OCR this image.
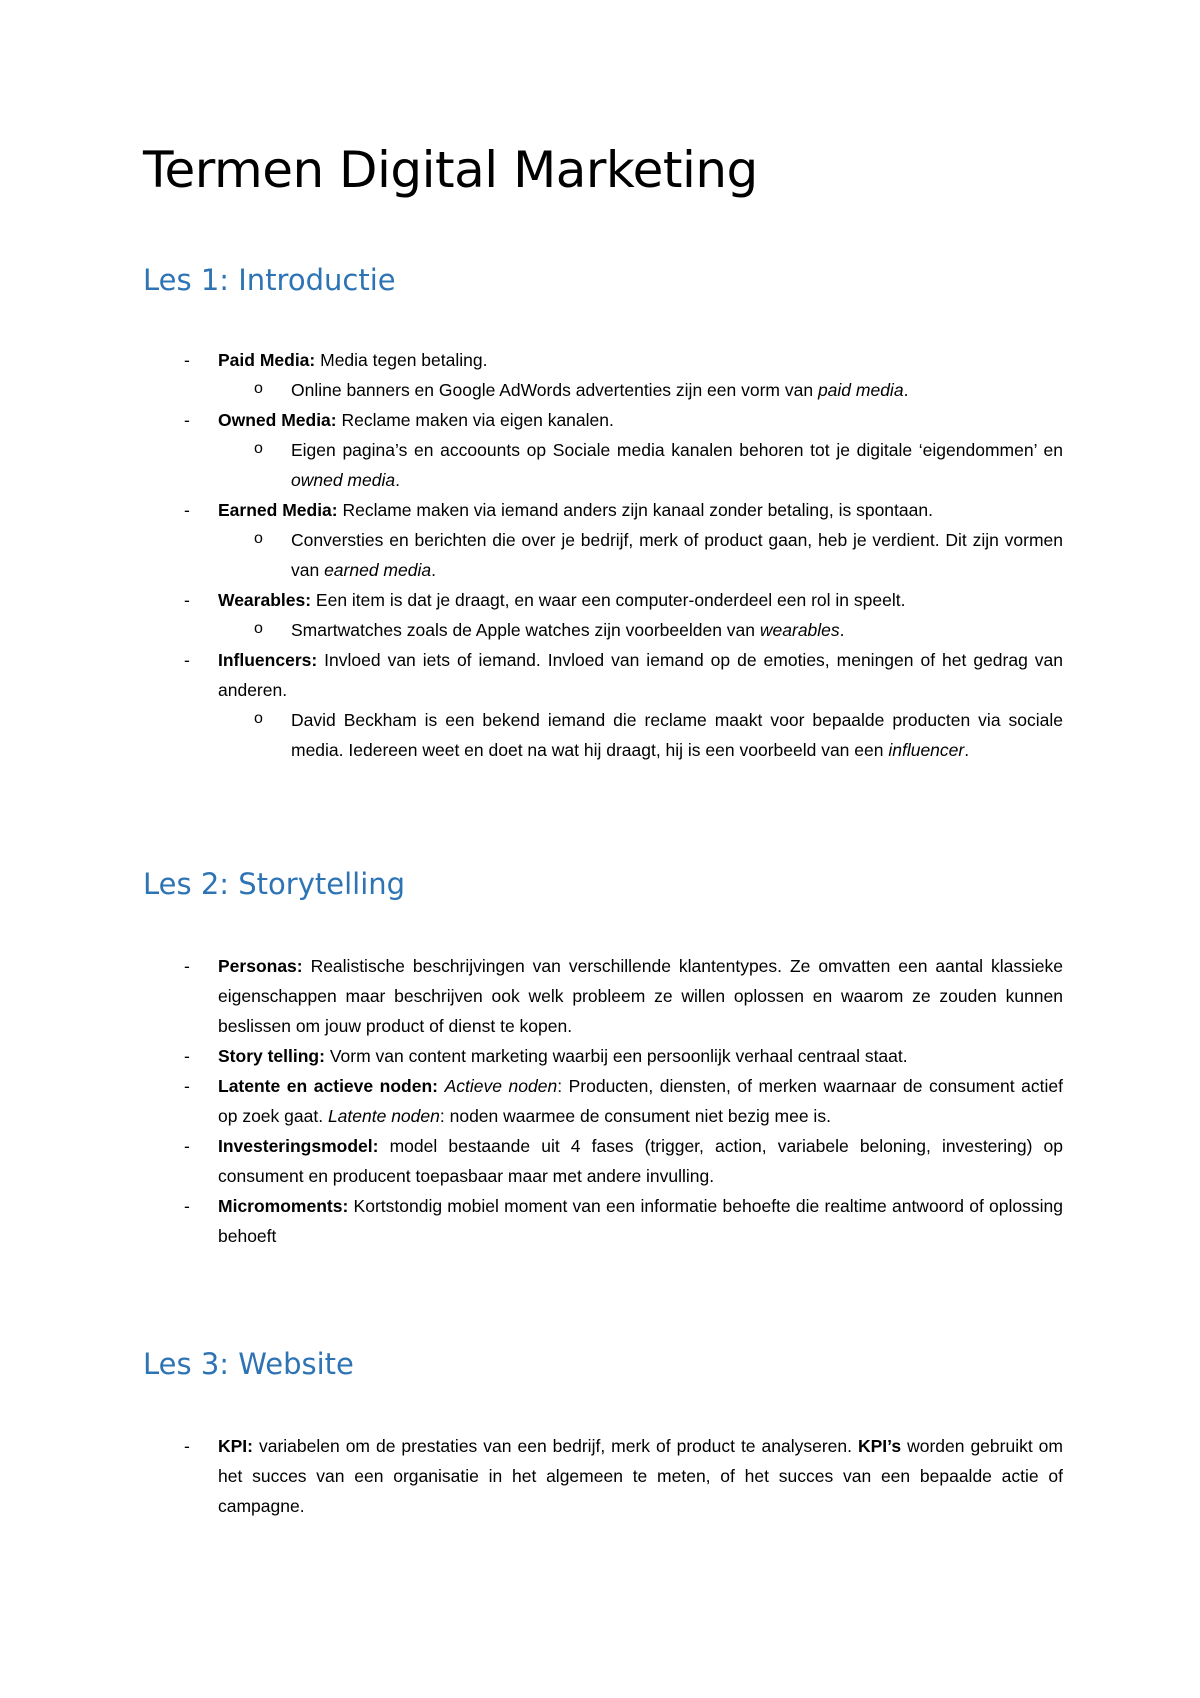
Termen Digital Marketing
Les 1: Introductie
- Paid Media: Media tegen betaling.
o Online banners en Google AdWords advertenties zijn een vorm van paid media.
- Owned Media: Reclame maken via eigen kanalen.
o Eigen pagina’s en accoounts op Sociale media kanalen behoren tot je digitale ‘eigendommen’ en owned media.
- Earned Media: Reclame maken via iemand anders zijn kanaal zonder betaling, is spontaan.
o Conversties en berichten die over je bedrijf, merk of product gaan, heb je verdient. Dit zijn vormen van earned media.
- Wearables: Een item is dat je draagt, en waar een computer-onderdeel een rol in speelt.
o Smartwatches zoals de Apple watches zijn voorbeelden van wearables.
- Influencers: Invloed van iets of iemand. Invloed van iemand op de emoties, meningen of het gedrag van anderen.
o David Beckham is een bekend iemand die reclame maakt voor bepaalde producten via sociale media. Iedereen weet en doet na wat hij draagt, hij is een voorbeeld van een influencer.
Les 2: Storytelling
- Personas: Realistische beschrijvingen van verschillende klantentypes. Ze omvatten een aantal klassieke eigenschappen maar beschrijven ook welk probleem ze willen oplossen en waarom ze zouden kunnen beslissen om jouw product of dienst te kopen.
- Story telling: Vorm van content marketing waarbij een persoonlijk verhaal centraal staat.
- Latente en actieve noden: Actieve noden: Producten, diensten, of merken waarnaar de consument actief op zoek gaat. Latente noden: noden waarmee de consument niet bezig mee is.
- Investeringsmodel: model bestaande uit 4 fases (trigger, action, variabele beloning, investering) op consument en producent toepasbaar maar met andere invulling.
- Micromoments: Kortstondig mobiel moment van een informatie behoefte die realtime antwoord of oplossing behoeft
Les 3: Website
- KPI: variabelen om de prestaties van een bedrijf, merk of product te analyseren. KPI’s worden gebruikt om het succes van een organisatie in het algemeen te meten, of het succes van een bepaalde actie of campagne.
